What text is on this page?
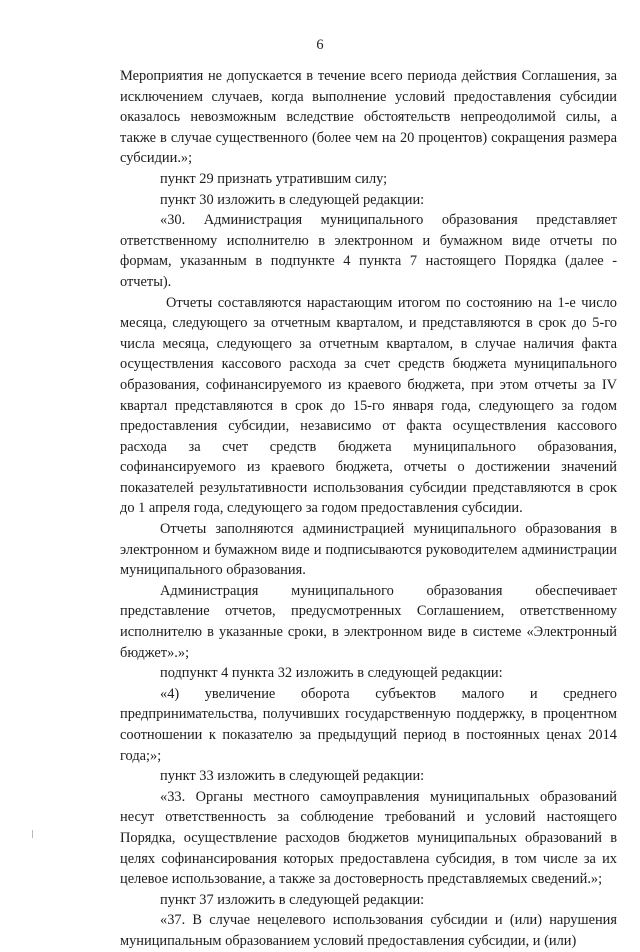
6

Мероприятия не допускается в течение всего периода действия Соглашения, за исключением случаев, когда выполнение условий предоставления субсидии оказалось невозможным вследствие обстоятельств непреодолимой силы, а также в случае существенного (более чем на 20 процентов) сокращения размера субсидии.»;

пункт 29 признать утратившим силу;

пункт 30 изложить в следующей редакции:

«30. Администрация муниципального образования представляет ответственному исполнителю в электронном и бумажном виде отчеты по формам, указанным в подпункте 4 пункта 7 настоящего Порядка (далее - отчеты).

Отчеты составляются нарастающим итогом по состоянию на 1-е число месяца, следующего за отчетным кварталом, и представляются в срок до 5-го числа месяца, следующего за отчетным кварталом, в случае наличия факта осуществления кассового расхода за счет средств бюджета муниципального образования, софинансируемого из краевого бюджета, при этом отчеты за IV квартал представляются в срок до 15-го января года, следующего за годом предоставления субсидии, независимо от факта осуществления кассового расхода за счет средств бюджета муниципального образования, софинансируемого из краевого бюджета, отчеты о достижении значений показателей результативности использования субсидии представляются в срок до 1 апреля года, следующего за годом предоставления субсидии.

Отчеты заполняются администрацией муниципального образования в электронном и бумажном виде и подписываются руководителем администрации муниципального образования.

Администрация муниципального образования обеспечивает представление отчетов, предусмотренных Соглашением, ответственному исполнителю в указанные сроки, в электронном виде в системе «Электронный бюджет».»;

подпункт 4 пункта 32 изложить в следующей редакции:

«4) увеличение оборота субъектов малого и среднего предпринимательства, получивших государственную поддержку, в процентном соотношении к показателю за предыдущий период в постоянных ценах 2014 года;»;

пункт 33 изложить в следующей редакции:

«33. Органы местного самоуправления муниципальных образований несут ответственность за соблюдение требований и условий настоящего Порядка, осуществление расходов бюджетов муниципальных образований в целях софинансирования которых предоставлена субсидия, в том числе за их целевое использование, а также за достоверность представляемых сведений.»;

пункт 37 изложить в следующей редакции:

«37. В случае нецелевого использования субсидии и (или) нарушения муниципальным образованием условий предоставления субсидии, и (или)
